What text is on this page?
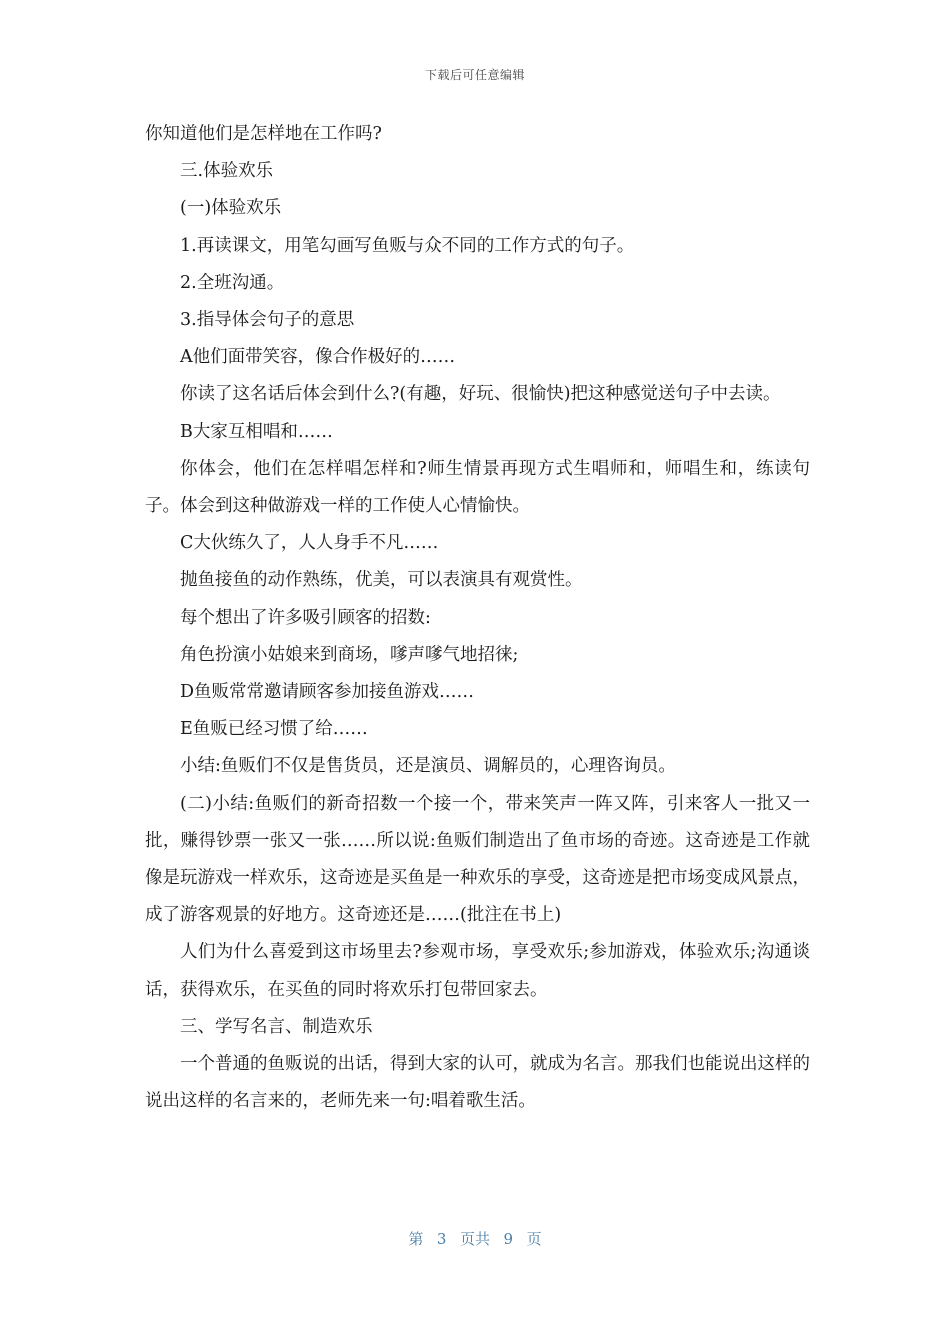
下载后可任意编辑

你知道他们是怎样地在工作吗?

三.体验欢乐

(一)体验欢乐

1.再读课文，用笔勾画写鱼贩与众不同的工作方式的句子。

2.全班沟通。

3.指导体会句子的意思

A他们面带笑容，像合作极好的……

你读了这名话后体会到什么?(有趣，好玩、很愉快)把这种感觉送句子中去读。

B大家互相唱和……

你体会，他们在怎样唱怎样和?师生情景再现方式生唱师和，师唱生和，练读句子。体会到这种做游戏一样的工作使人心情愉快。

C大伙练久了，人人身手不凡……

抛鱼接鱼的动作熟练，优美，可以表演具有观赏性。

每个想出了许多吸引顾客的招数:

角色扮演小姑娘来到商场，嗲声嗲气地招徕;

D鱼贩常常邀请顾客参加接鱼游戏……

E鱼贩已经习惯了给……

小结:鱼贩们不仅是售货员，还是演员、调解员的，心理咨询员。

(二)小结:鱼贩们的新奇招数一个接一个，带来笑声一阵又阵，引来客人一批又一批，赚得钞票一张又一张……所以说:鱼贩们制造出了鱼市场的奇迹。这奇迹是工作就像是玩游戏一样欢乐，这奇迹是买鱼是一种欢乐的享受，这奇迹是把市场变成风景点，成了游客观景的好地方。这奇迹还是……(批注在书上)

人们为什么喜爱到这市场里去?参观市场，享受欢乐;参加游戏，体验欢乐;沟通谈话，获得欢乐，在买鱼的同时将欢乐打包带回家去。

三、学写名言、制造欢乐

一个普通的鱼贩说的出话，得到大家的认可，就成为名言。那我们也能说出这样的说出这样的名言来的，老师先来一句:唱着歌生活。

第  3  页共  9  页
